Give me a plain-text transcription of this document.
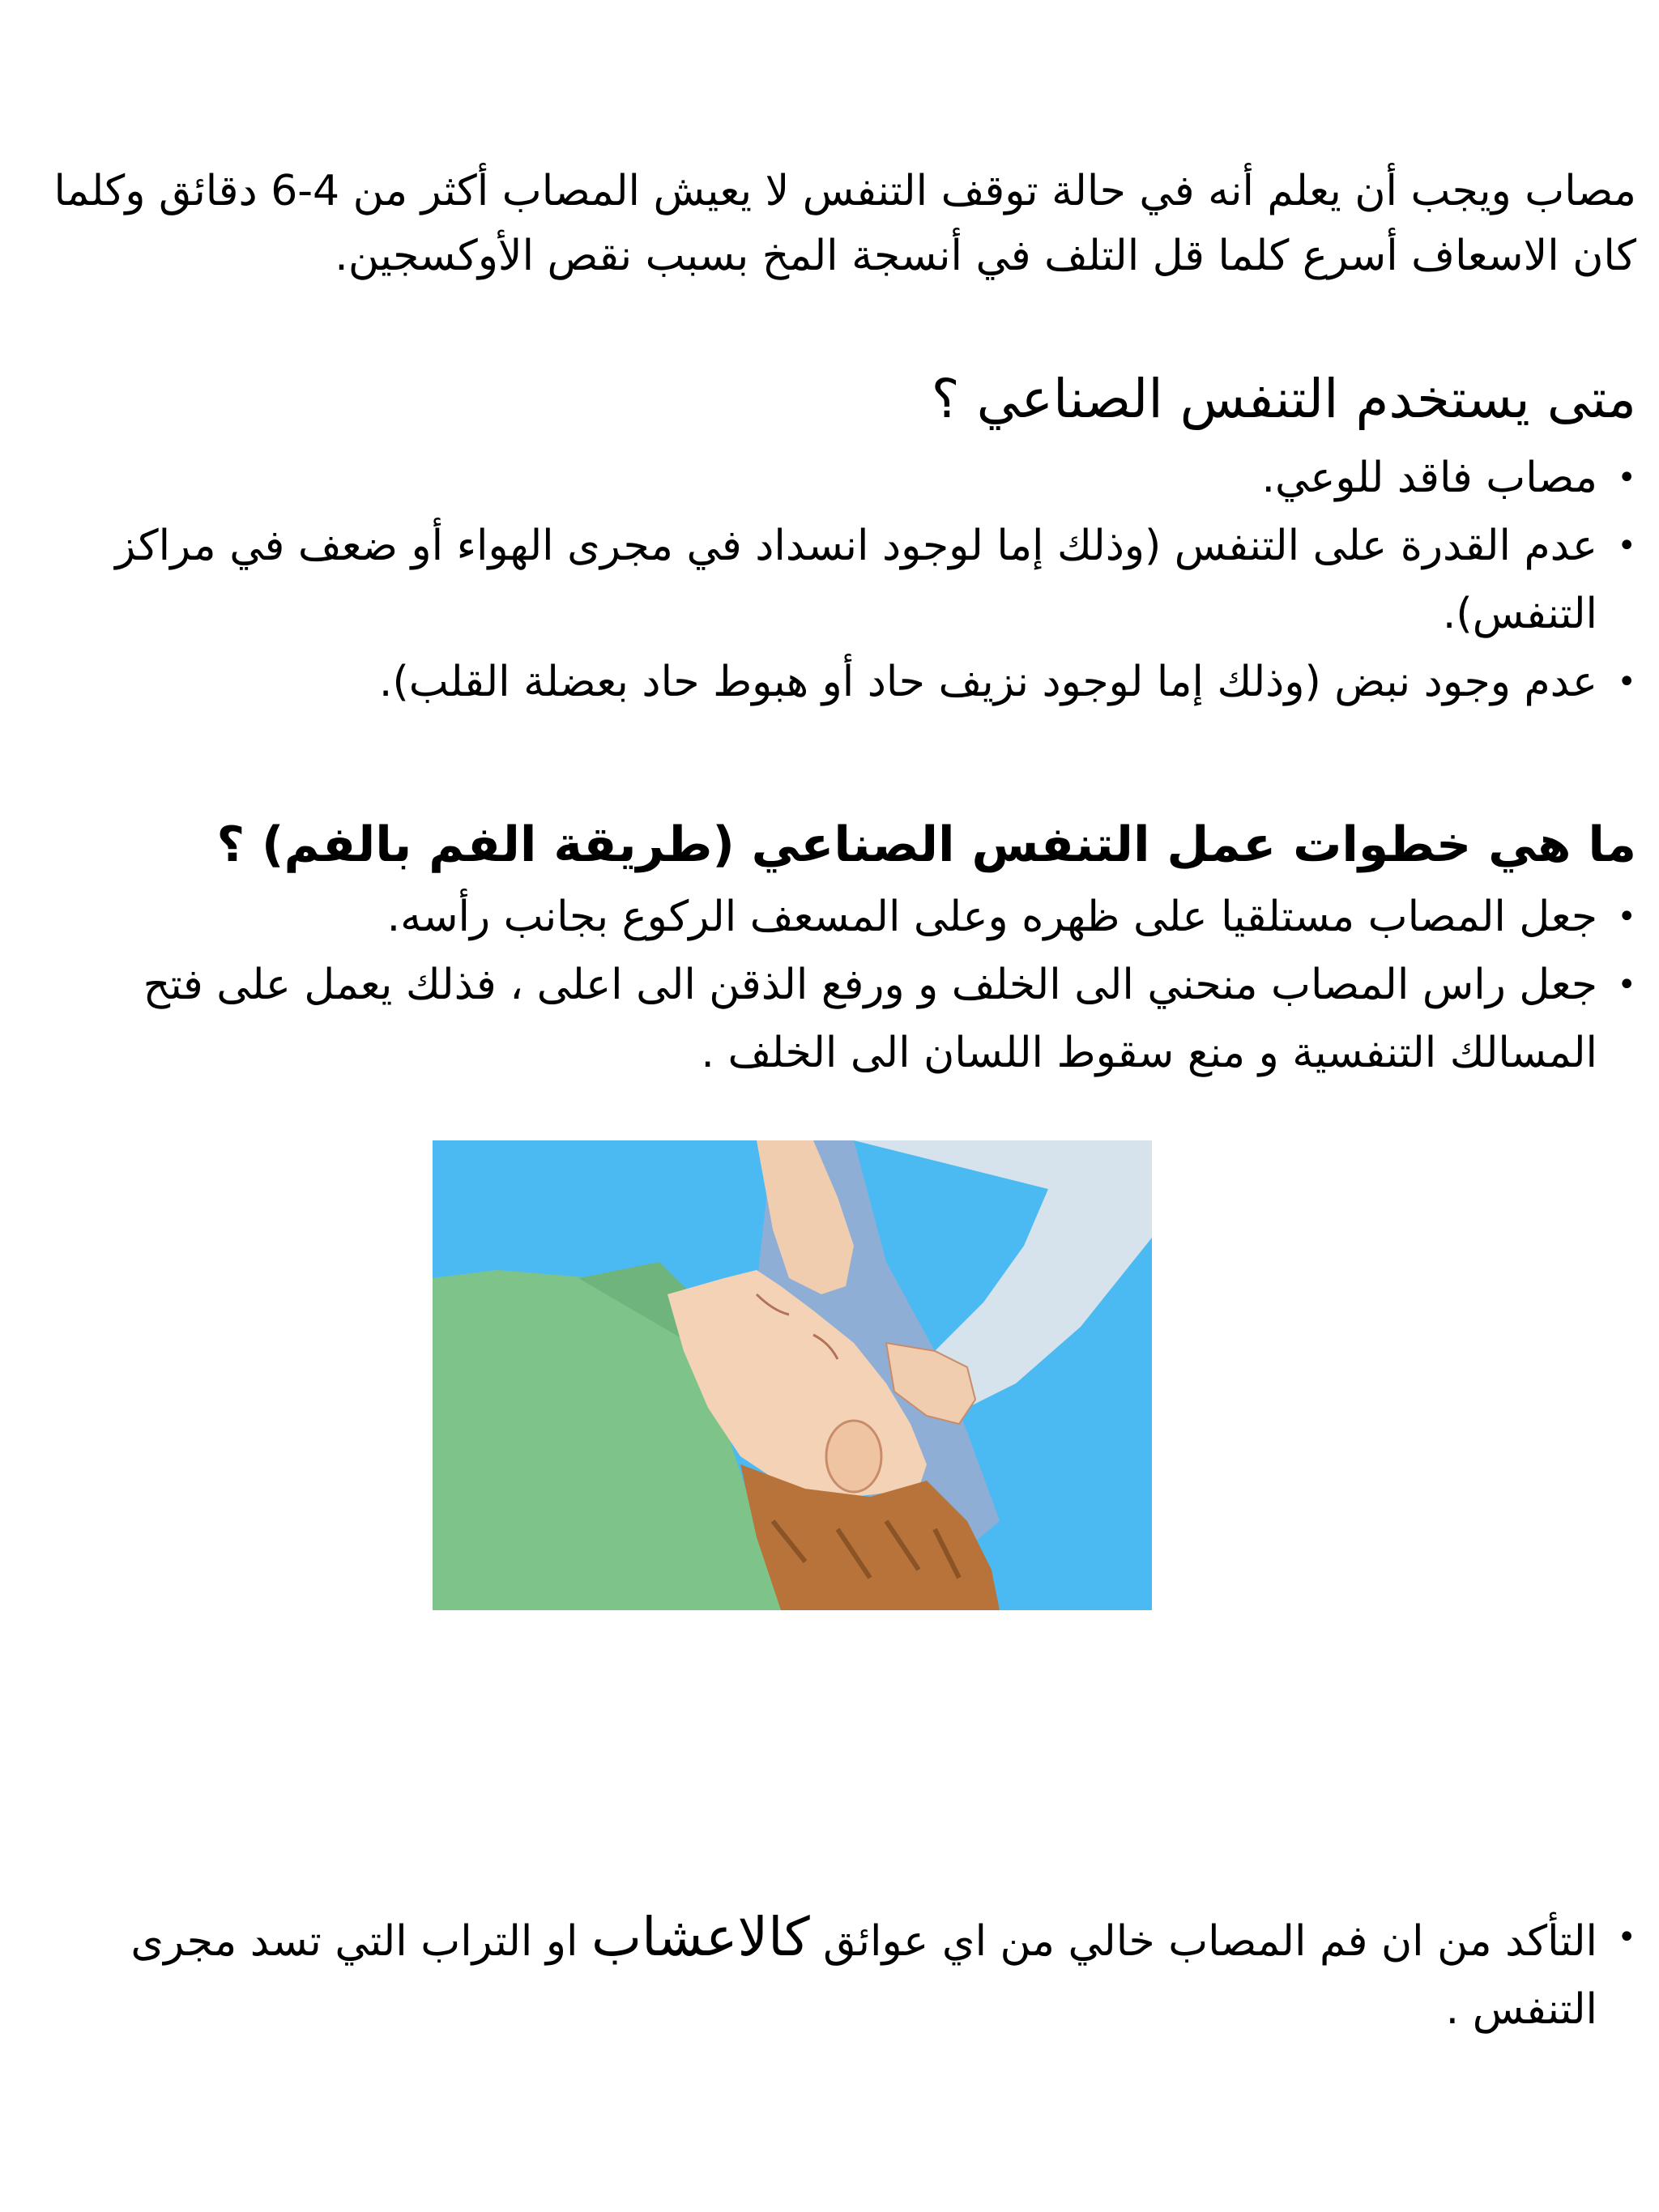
مصاب ويجب أن يعلم أنه في حالة توقف التنفس لا يعيش المصاب أكثر من 4-6 دقائق وكلما كان الاسعاف أسرع كلما قل التلف في أنسجة المخ بسبب نقص الأوكسجين.

متى يستخدم التنفس الصناعي ؟
•
مصاب فاقد للوعي.
•
عدم القدرة على التنفس (وذلك إما لوجود انسداد في مجرى الهواء أو ضعف في مراكز التنفس).
•
عدم وجود نبض (وذلك إما لوجود نزيف حاد أو هبوط حاد بعضلة القلب).
ما هي خطوات عمل التنفس الصناعي (طريقة الفم بالفم) ؟
•
جعل المصاب مستلقيا على ظهره وعلى المسعف الركوع بجانب رأسه.
•
جعل راس المصاب منحني الى الخلف و ورفع الذقن الى اعلى ، فذلك يعمل على فتح المسالك التنفسية و منع سقوط اللسان الى الخلف .
•
التأكد من ان فم المصاب خالي من اي عوائق كالاعشاب او التراب التي تسد مجرى التنفس .
